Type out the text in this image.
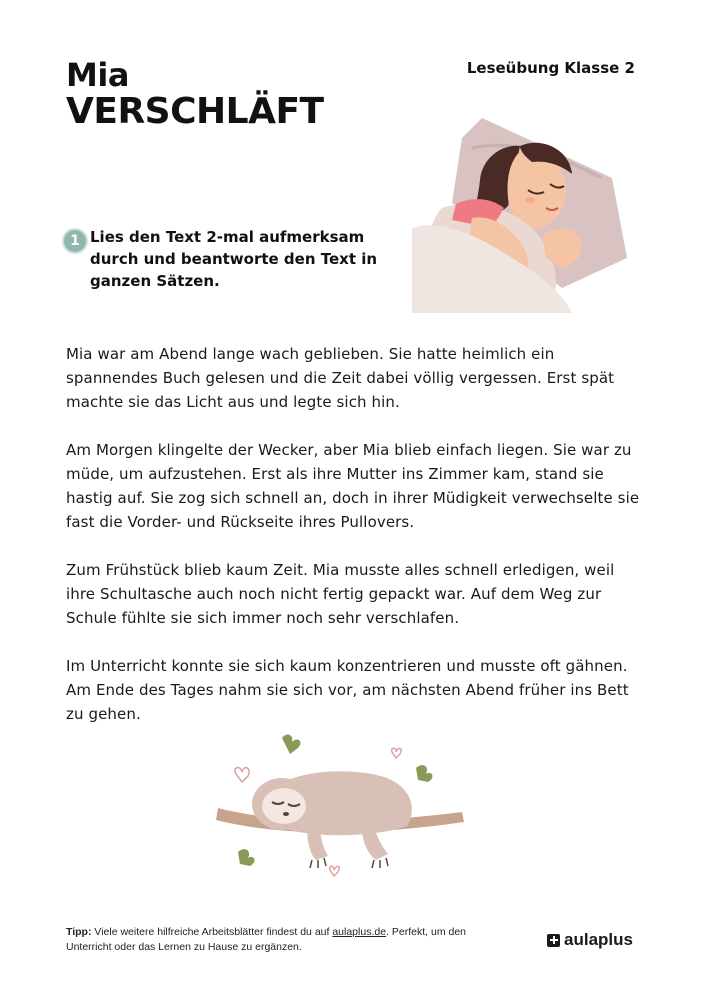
Mia
VERSCHLÄFT
Leseübung Klasse 2
1 Lies den Text 2-mal aufmerksam durch und beantworte den Text in ganzen Sätzen.

Mia war am Abend lange wach geblieben. Sie hatte heimlich ein spannendes Buch gelesen und die Zeit dabei völlig vergessen. Erst spät machte sie das Licht aus und legte sich hin.

Am Morgen klingelte der Wecker, aber Mia blieb einfach liegen. Sie war zu müde, um aufzustehen. Erst als ihre Mutter ins Zimmer kam, stand sie hastig auf. Sie zog sich schnell an, doch in ihrer Müdigkeit verwechselte sie fast die Vorder- und Rückseite ihres Pullovers.

Zum Frühstück blieb kaum Zeit. Mia musste alles schnell erledigen, weil ihre Schultasche auch noch nicht fertig gepackt war. Auf dem Weg zur Schule fühlte sie sich immer noch sehr verschlafen.

Im Unterricht konnte sie sich kaum konzentrieren und musste oft gähnen. Am Ende des Tages nahm sie sich vor, am nächsten Abend früher ins Bett zu gehen.

Tipp: Viele weitere hilfreiche Arbeitsblätter findest du auf aulaplus.de. Perfekt, um den Unterricht oder das Lernen zu Hause zu ergänzen.	aulaplus
